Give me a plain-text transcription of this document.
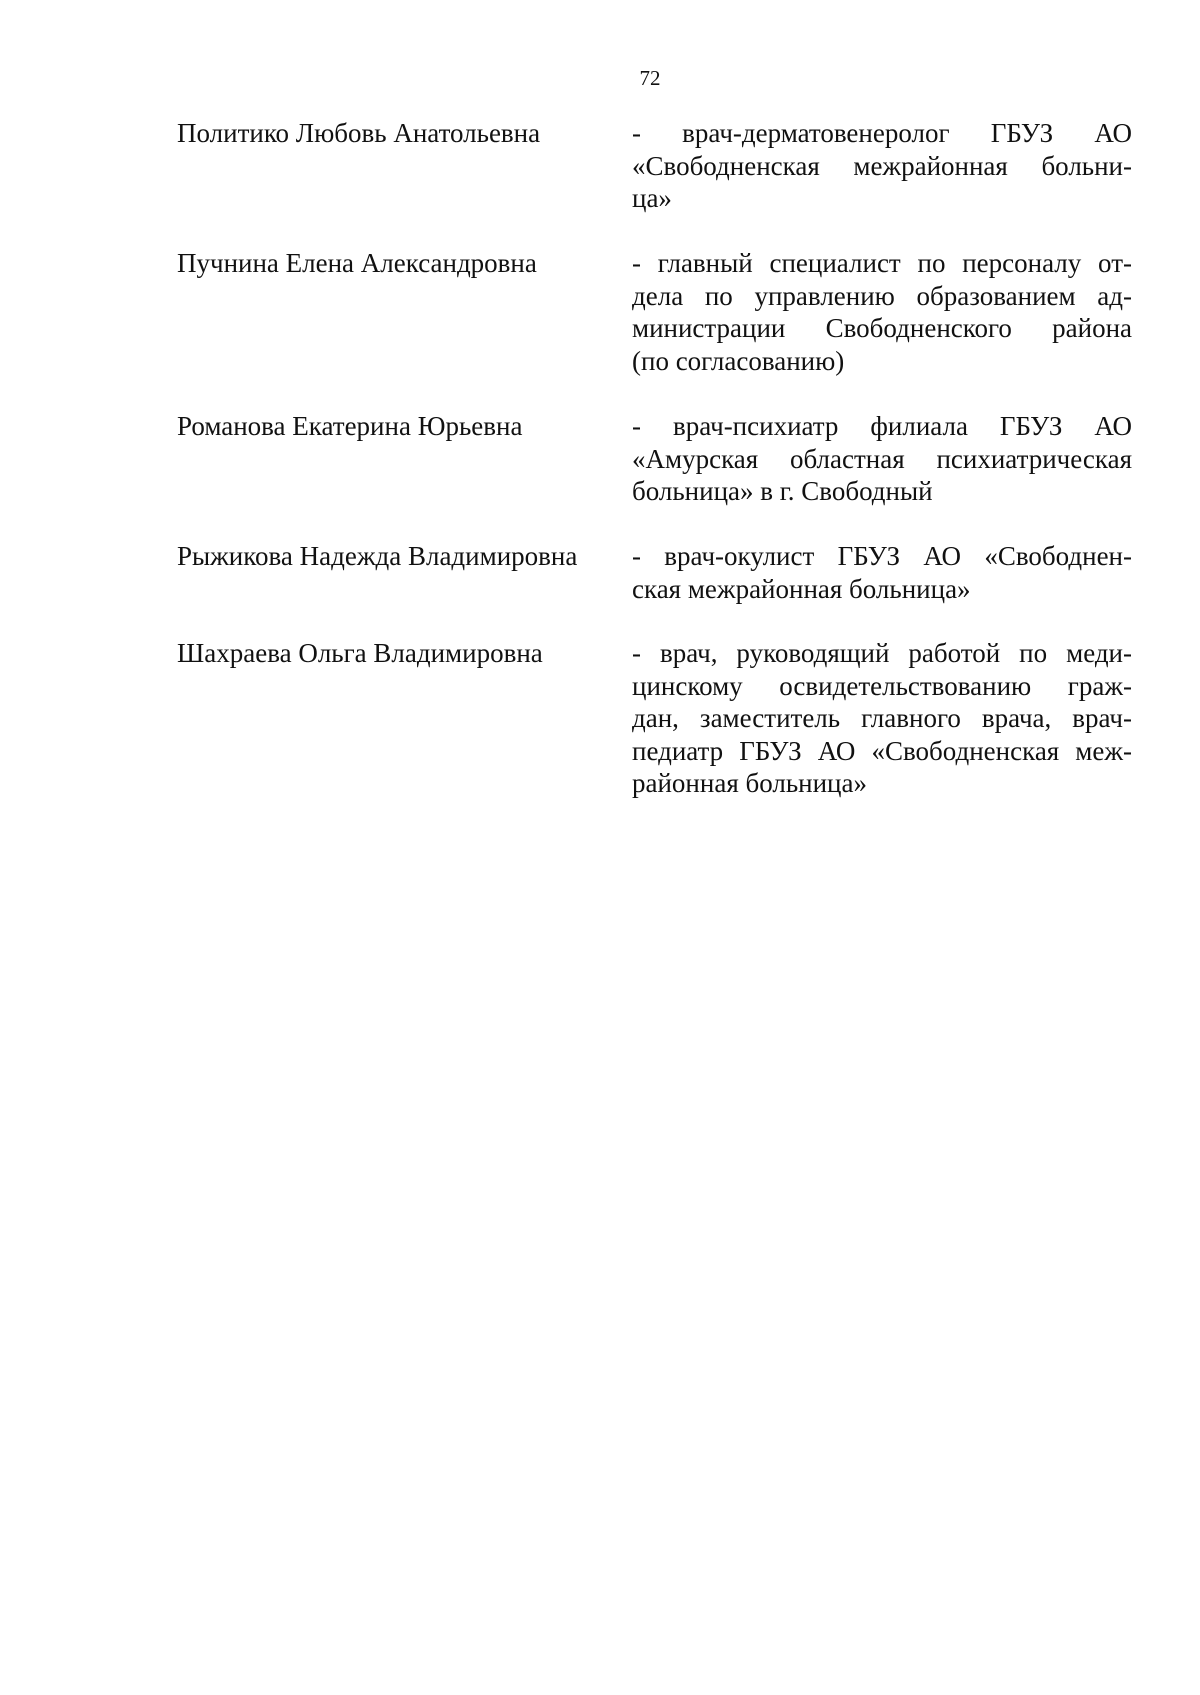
72
Политико Любовь Анатольевна	- врач-дерматовенеролог ГБУЗ АО
«Свободненская межрайонная больни-
ца»
Пучнина Елена Александровна	- главный специалист по персоналу от-
дела по управлению образованием ад-
министрации Свободненского района
(по согласованию)
Романова Екатерина Юрьевна	- врач-психиатр филиала ГБУЗ АО
«Амурская областная психиатрическая
больница» в г. Свободный
Рыжикова Надежда Владимировна	- врач-окулист ГБУЗ АО «Свободнен-
ская межрайонная больница»
Шахраева Ольга Владимировна	- врач, руководящий работой по меди-
цинскому освидетельствованию граж-
дан, заместитель главного врача, врач-
педиатр ГБУЗ АО «Свободненская меж-
районная больница»
